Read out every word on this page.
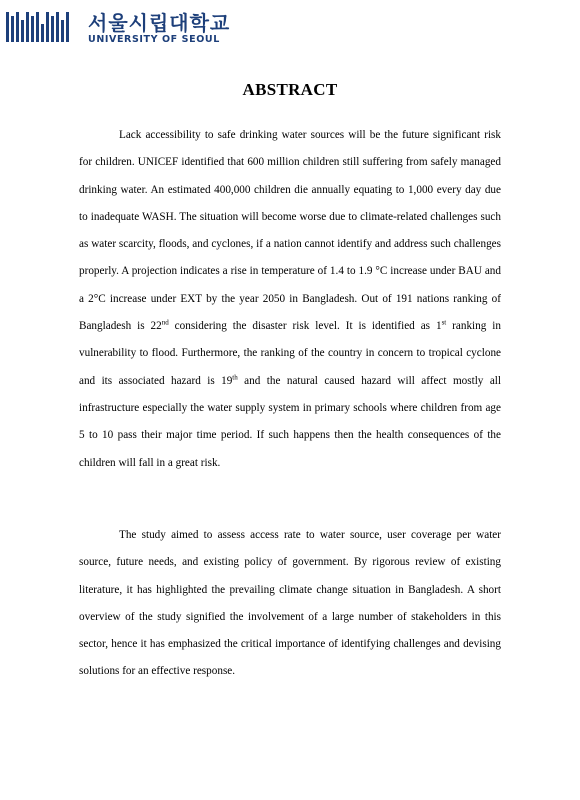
서울시립대학교
UNIVERSITY OF SEOUL
ABSTRACT

Lack accessibility to safe drinking water sources will be the future significant risk for children. UNICEF identified that 600 million children still suffering from safely managed drinking water. An estimated 400,000 children die annually equating to 1,000 every day due to inadequate WASH. The situation will become worse due to climate-related challenges such as water scarcity, floods, and cyclones, if a nation cannot identify and address such challenges properly. A projection indicates a rise in temperature of 1.4 to 1.9 °C increase under BAU and a 2°C increase under EXT by the year 2050 in Bangladesh. Out of 191 nations ranking of Bangladesh is 22nd considering the disaster risk level. It is identified as 1st ranking in vulnerability to flood. Furthermore, the ranking of the country in concern to tropical cyclone and its associated hazard is 19th and the natural caused hazard will affect mostly all infrastructure especially the water supply system in primary schools where children from age 5 to 10 pass their major time period. If such happens then the health consequences of the children will fall in a great risk.

The study aimed to assess access rate to water source, user coverage per water source, future needs, and existing policy of government. By rigorous review of existing literature, it has highlighted the prevailing climate change situation in Bangladesh. A short overview of the study signified the involvement of a large number of stakeholders in this sector, hence it has emphasized the critical importance of identifying challenges and devising solutions for an effective response.
